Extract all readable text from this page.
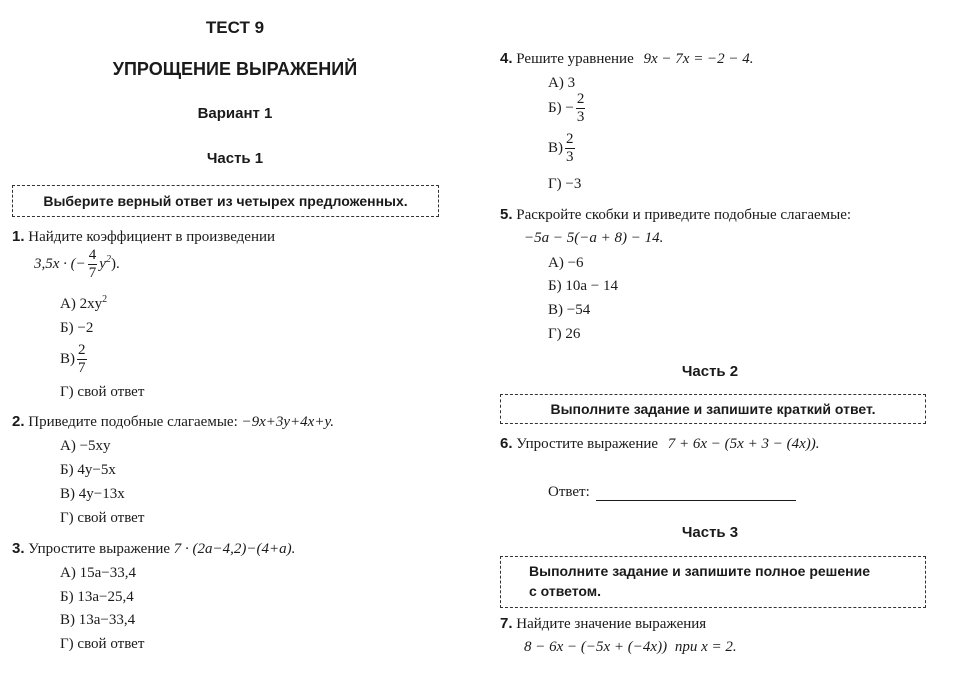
ТЕСТ 9
УПРОЩЕНИЕ ВЫРАЖЕНИЙ
Вариант 1
Часть 1
Выберите верный ответ из четырех предложенных.
1. Найдите коэффициент в произведении
3,5x · (− $\frac{4}{7} y^2$).
А) $2xy^2$
Б) −2
$В) \frac{2}{7}$
Г) свой ответ
2. Приведите подобные слагаемые: −9x+3y+4x+y.
А) −5xy
Б) 4y−5x
В) 4y−13x
Г) свой ответ
3. Упростите выражение 7 · (2a−4,2)−(4+a).
А) 15a−33,4
Б) 13a−25,4
В) 13a−33,4
Г) свой ответ
4. Решите уравнение 9x − 7x = −2 − 4.
А) 3
$Б) - \frac{2}{3}$
$В) \frac{2}{3}$
Г) −3
5. Раскройте скобки и приведите подобные слагаемые:
−5a − 5(−a + 8) − 14.
А) −6
Б) 10a − 14
В) −54
Г) 26
Часть 2
Выполните задание и запишите краткий ответ.
6. Упростите выражение 7 + 6x − (5x + 3 − (4x)).
Ответ:
Часть 3
Выполните задание и запишите полное решение
с ответом.
7. Найдите значение выражения
8 − 6x − (−5x + (−4x)) при x = 2.
